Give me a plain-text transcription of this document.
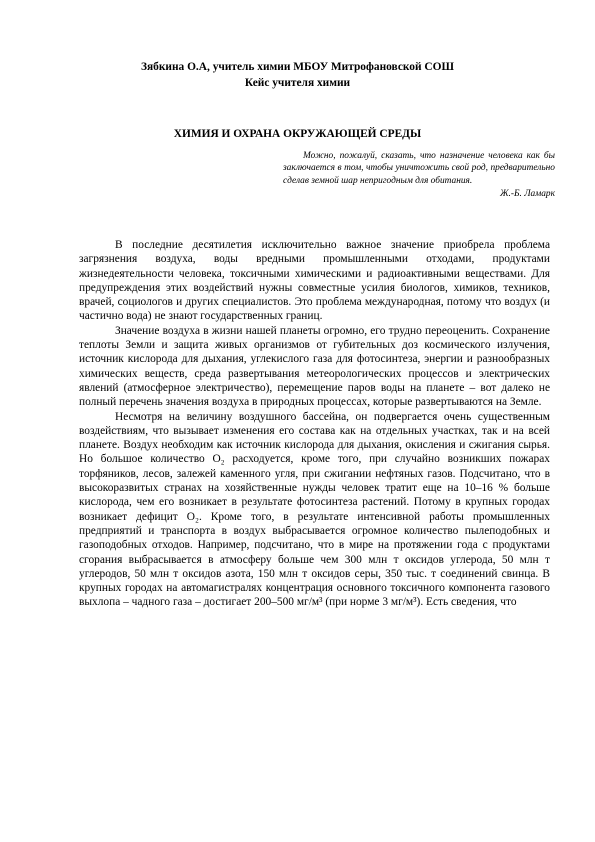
Зябкина О.А, учитель химии МБОУ Митрофановской СОШ
Кейс учителя химии
ХИМИЯ И ОХРАНА ОКРУЖАЮЩЕЙ СРЕДЫ

Можно, пожалуй, сказать, что назначение человека как бы заключается в том, чтобы уничтожить свой род, предварительно сделав земной шар непригодным для обитания.

Ж.-Б. Ламарк

В последние десятилетия исключительно важное значение приобрела проблема загрязнения воздуха, воды вредными промышленными отходами, продуктами жизнедеятельности человека, токсичными химическими и радиоактивными веществами. Для предупреждения этих воздействий нужны совместные усилия биологов, химиков, техников, врачей, социологов и других специалистов. Это проблема международная, потому что воздух (и частично вода) не знают государственных границ.

Значение воздуха в жизни нашей планеты огромно, его трудно переоценить. Сохранение теплоты Земли и защита живых организмов от губительных доз космического излучения, источник кислорода для дыхания, углекислого газа для фотосинтеза, энергии и разнообразных химических веществ, среда развертывания метеорологических процессов и электрических явлений (атмосферное электричество), перемещение паров воды на планете – вот далеко не полный перечень значения воздуха в природных процессах, которые развертываются на Земле.

Несмотря на величину воздушного бассейна, он подвергается очень существенным воздействиям, что вызывает изменения его состава как на отдельных участках, так и на всей планете. Воздух необходим как источник кислорода для дыхания, окисления и сжигания сырья. Но большое количество O₂ расходуется, кроме того, при случайно возникших пожарах торфяников, лесов, залежей каменного угля, при сжигании нефтяных газов. Подсчитано, что в высокоразвитых странах на хозяйственные нужды человек тратит еще на 10–16 % больше кислорода, чем его возникает в результате фотосинтеза растений. Потому в крупных городах возникает дефицит O₂. Кроме того, в результате интенсивной работы промышленных предприятий и транспорта в воздух выбрасывается огромное количество пылеподобных и газоподобных отходов. Например, подсчитано, что в мире на протяжении года с продуктами сгорания выбрасывается в атмосферу больше чем 300 млн т оксидов углерода, 50 млн т углеродов, 50 млн т оксидов азота, 150 млн т оксидов серы, 350 тыс. т соединений свинца. В крупных городах на автомагистралях концентрация основного токсичного компонента газового выхлопа – чадного газа – достигает 200–500 мг/м³ (при норме 3 мг/м³). Есть сведения, что
